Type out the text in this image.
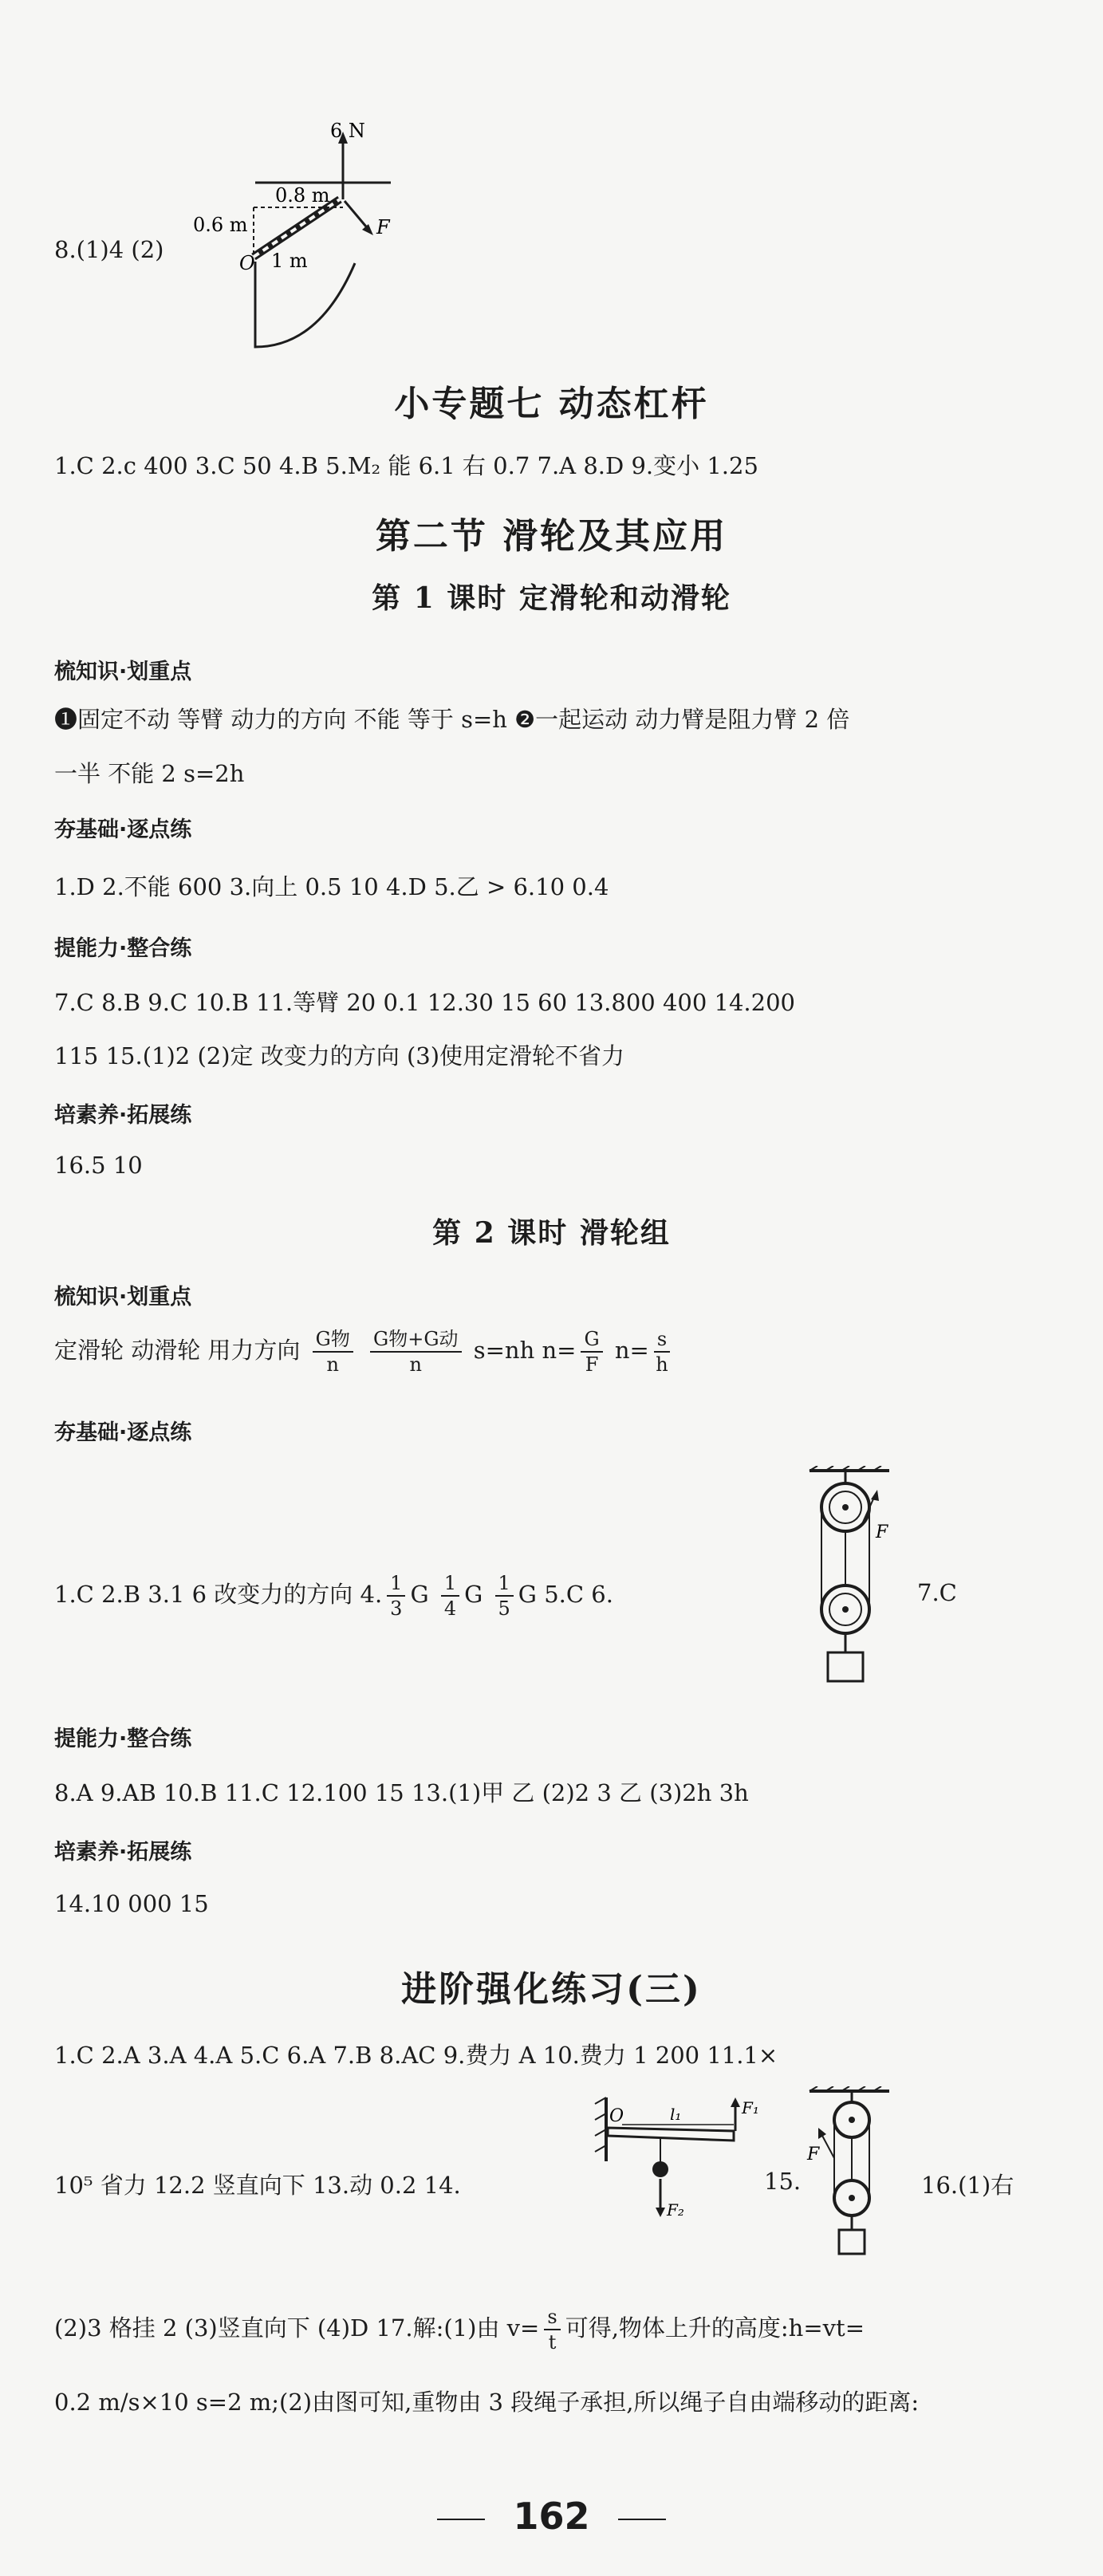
8.(1)4 (2)
6 N
0.8 m
0.6 m
O 1 m
F
小专题七 动态杠杆
1.C 2.c 400 3.C 50 4.B 5.M₂ 能 6.1 右 0.7 7.A 8.D 9.变小 1.25
第二节 滑轮及其应用
第 1 课时 定滑轮和动滑轮
梳知识·划重点
❶固定不动 等臂 动力的方向 不能 等于 s=h ❷一起运动 动力臂是阻力臂 2 倍
一半 不能 2 s=2h
夯基础·逐点练
1.D 2.不能 600 3.向上 0.5 10 4.D 5.乙 > 6.10 0.4
提能力·整合练
7.C 8.B 9.C 10.B 11.等臂 20 0.1 12.30 15 60 13.800 400 14.200
115 15.(1)2 (2)定 改变力的方向 (3)使用定滑轮不省力
培素养·拓展练
16.5 10
第 2 课时 滑轮组
梳知识·划重点
定滑轮 动滑轮 用力方向 $\frac{\text{G物}}{n}$
$\frac{\text{G物+G动}}{n} s=nh$ $n= \frac{G}{F} n= \frac{s}{h}$
夯基础·逐点练
1.C 2.B 3.1 6 改变力的方向 4. $\frac{1}{3}$ G $\frac{1}{4}$ G $\frac{1}{5}$ G 5.C 6.	7.C
F
提能力·整合练
8.A 9.AB 10.B 11.C 12.100 15 13.(1)甲 乙 (2)2 3 乙 (3)2h 3h
培素养·拓展练
14.10 000 15
进阶强化练习(三)
1.C 2.A 3.A 4.A 5.C 6.A 7.B 8.AC 9.费力 A 10.费力 1 200 11.1×
10⁵ 省力 12.2 竖直向下 13.动 0.2 14.	15.	16.(1)右
O	l₁	F₁
F₂
F
(2)3 格挂 2 (3)竖直向下 (4)D 17.解:(1)由 $v= \frac{s}{t}$ 可得,物体上升的高度:h=vt=
0.2 m/s×10 s=2 m;(2)由图可知,重物由 3 段绳子承担,所以绳子自由端移动的距离:
162
